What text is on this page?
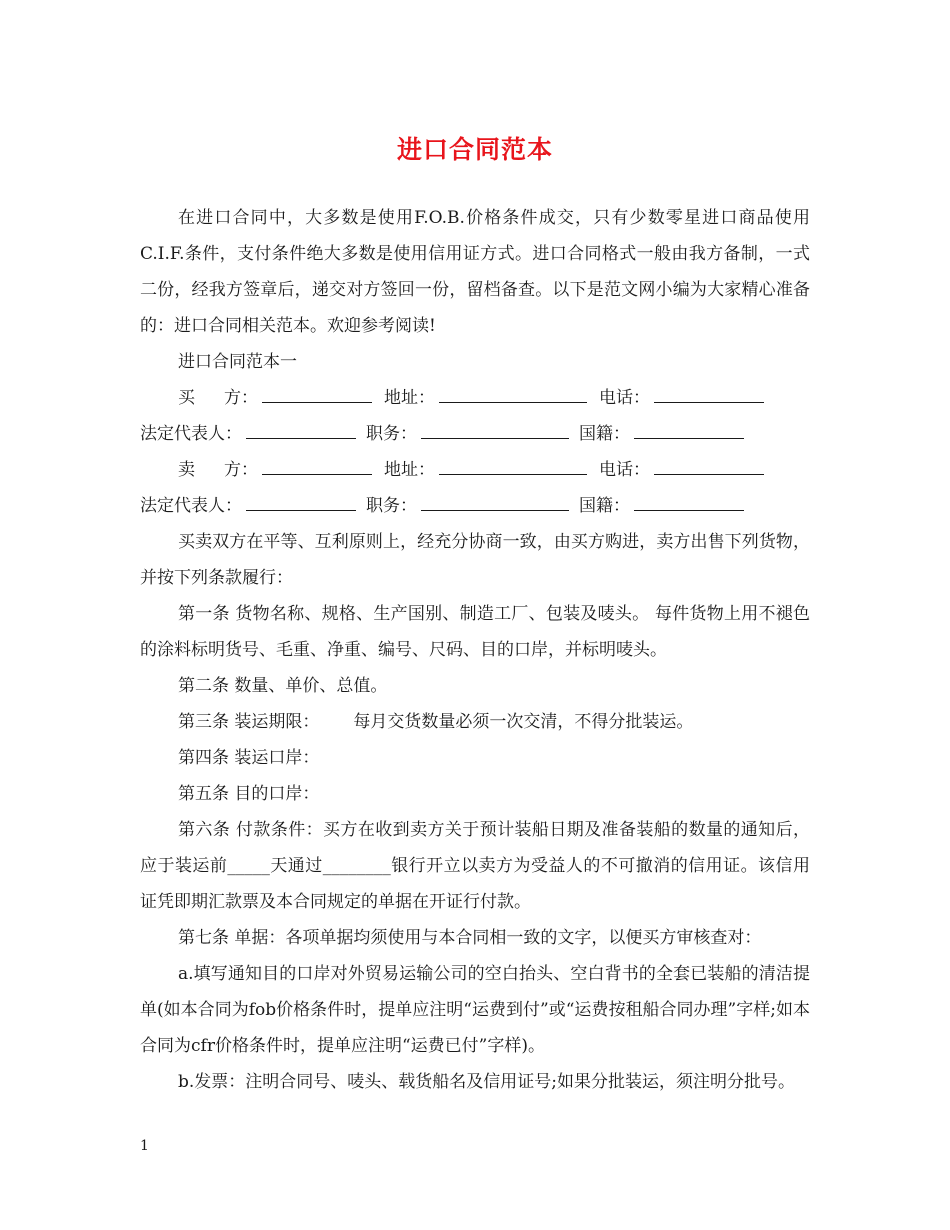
进口合同范本

在进口合同中，大多数是使用F.O.B.价格条件成交，只有少数零星进口商品使用C.I.F.条件，支付条件绝大多数是使用信用证方式。进口合同格式一般由我方备制，一式二份，经我方签章后，递交对方签回一份，留档备查。以下是范文网小编为大家精心准备的：进口合同相关范本。欢迎参考阅读!

进口合同范本一

买 方：	地址：	电话：
法定代表人：	职务：	国籍：
卖 方：	地址：	电话：
法定代表人：	职务：	国籍：

买卖双方在平等、互利原则上，经充分协商一致，由买方购进，卖方出售下列货物，并按下列条款履行：

第一条 货物名称、规格、生产国别、制造工厂、包装及唛头。 每件货物上用不褪色的涂料标明货号、毛重、净重、编号、尺码、目的口岸，并标明唛头。

第二条 数量、单价、总值。

第三条 装运期限： 每月交货数量必须一次交清，不得分批装运。

第四条 装运口岸：

第五条 目的口岸：

第六条 付款条件：买方在收到卖方关于预计装船日期及准备装船的数量的通知后，应于装运前_____天通过________银行开立以卖方为受益人的不可撤消的信用证。该信用证凭即期汇款票及本合同规定的单据在开证行付款。

第七条 单据：各项单据均须使用与本合同相一致的文字，以便买方审核查对：

a.填写通知目的口岸对外贸易运输公司的空白抬头、空白背书的全套已装船的清洁提单(如本合同为fob价格条件时，提单应注明“运费到付”或“运费按租船合同办理”字样;如本合同为cfr价格条件时，提单应注明“运费已付”字样)。

b.发票：注明合同号、唛头、载货船名及信用证号;如果分批装运，须注明分批号。

1
